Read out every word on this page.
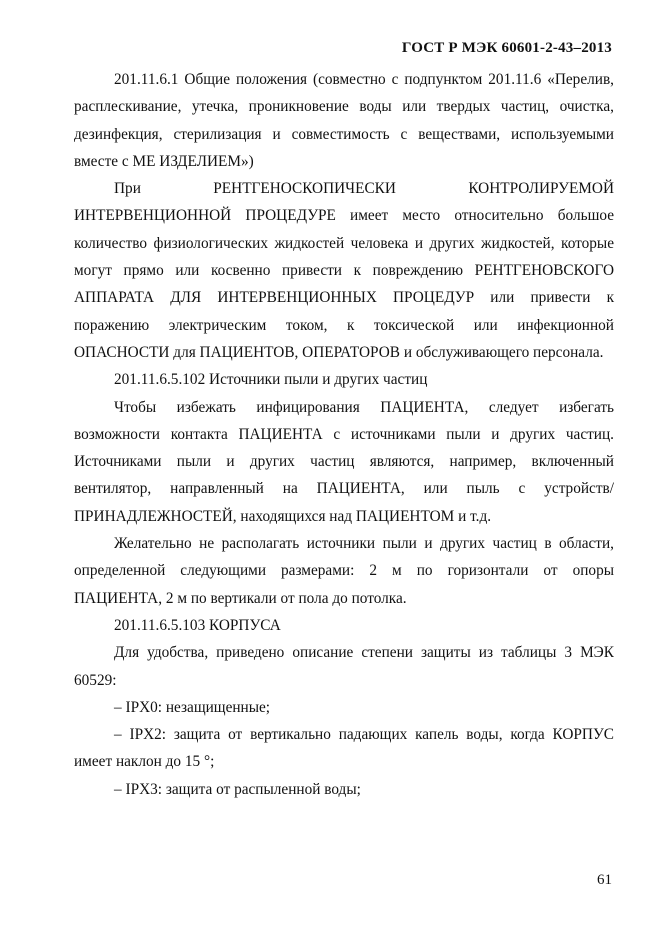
ГОСТ Р МЭК 60601-2-43–2013

201.11.6.1 Общие положения (совместно с подпунктом 201.11.6 «Перелив, расплескивание, утечка, проникновение воды или твердых частиц, очистка, дезинфекция, стерилизация и совместимость с веществами, используемыми вместе с МЕ ИЗДЕЛИЕМ»)

При РЕНТГЕНОСКОПИЧЕСКИ КОНТРОЛИРУЕМОЙ ИНТЕРВЕНЦИОННОЙ ПРОЦЕДУРЕ имеет место относительно большое количество физиологических жидкостей человека и других жидкостей, которые могут прямо или косвенно привести к повреждению РЕНТГЕНОВСКОГО АППАРАТА ДЛЯ ИНТЕРВЕНЦИОННЫХ ПРОЦЕДУР или привести к поражению электрическим током, к токсической или инфекционной ОПАСНОСТИ для ПАЦИЕНТОВ, ОПЕРАТОРОВ и обслуживающего персонала.

201.11.6.5.102 Источники пыли и других частиц

Чтобы избежать инфицирования ПАЦИЕНТА, следует избегать возможности контакта ПАЦИЕНТА с источниками пыли и других частиц. Источниками пыли и других частиц являются, например, включенный вентилятор, направленный на ПАЦИЕНТА, или пыль с устройств/ПРИНАДЛЕЖНОСТЕЙ, находящихся над ПАЦИЕНТОМ и т.д.

Желательно не располагать источники пыли и других частиц в области, определенной следующими размерами: 2 м по горизонтали от опоры ПАЦИЕНТА, 2 м по вертикали от пола до потолка.

201.11.6.5.103 КОРПУСА

Для удобства, приведено описание степени защиты из таблицы 3 МЭК 60529:

– IPX0: незащищенные;

– IPX2: защита от вертикально падающих капель воды, когда КОРПУС имеет наклон до 15 °;

– IPX3: защита от распыленной воды;

61
